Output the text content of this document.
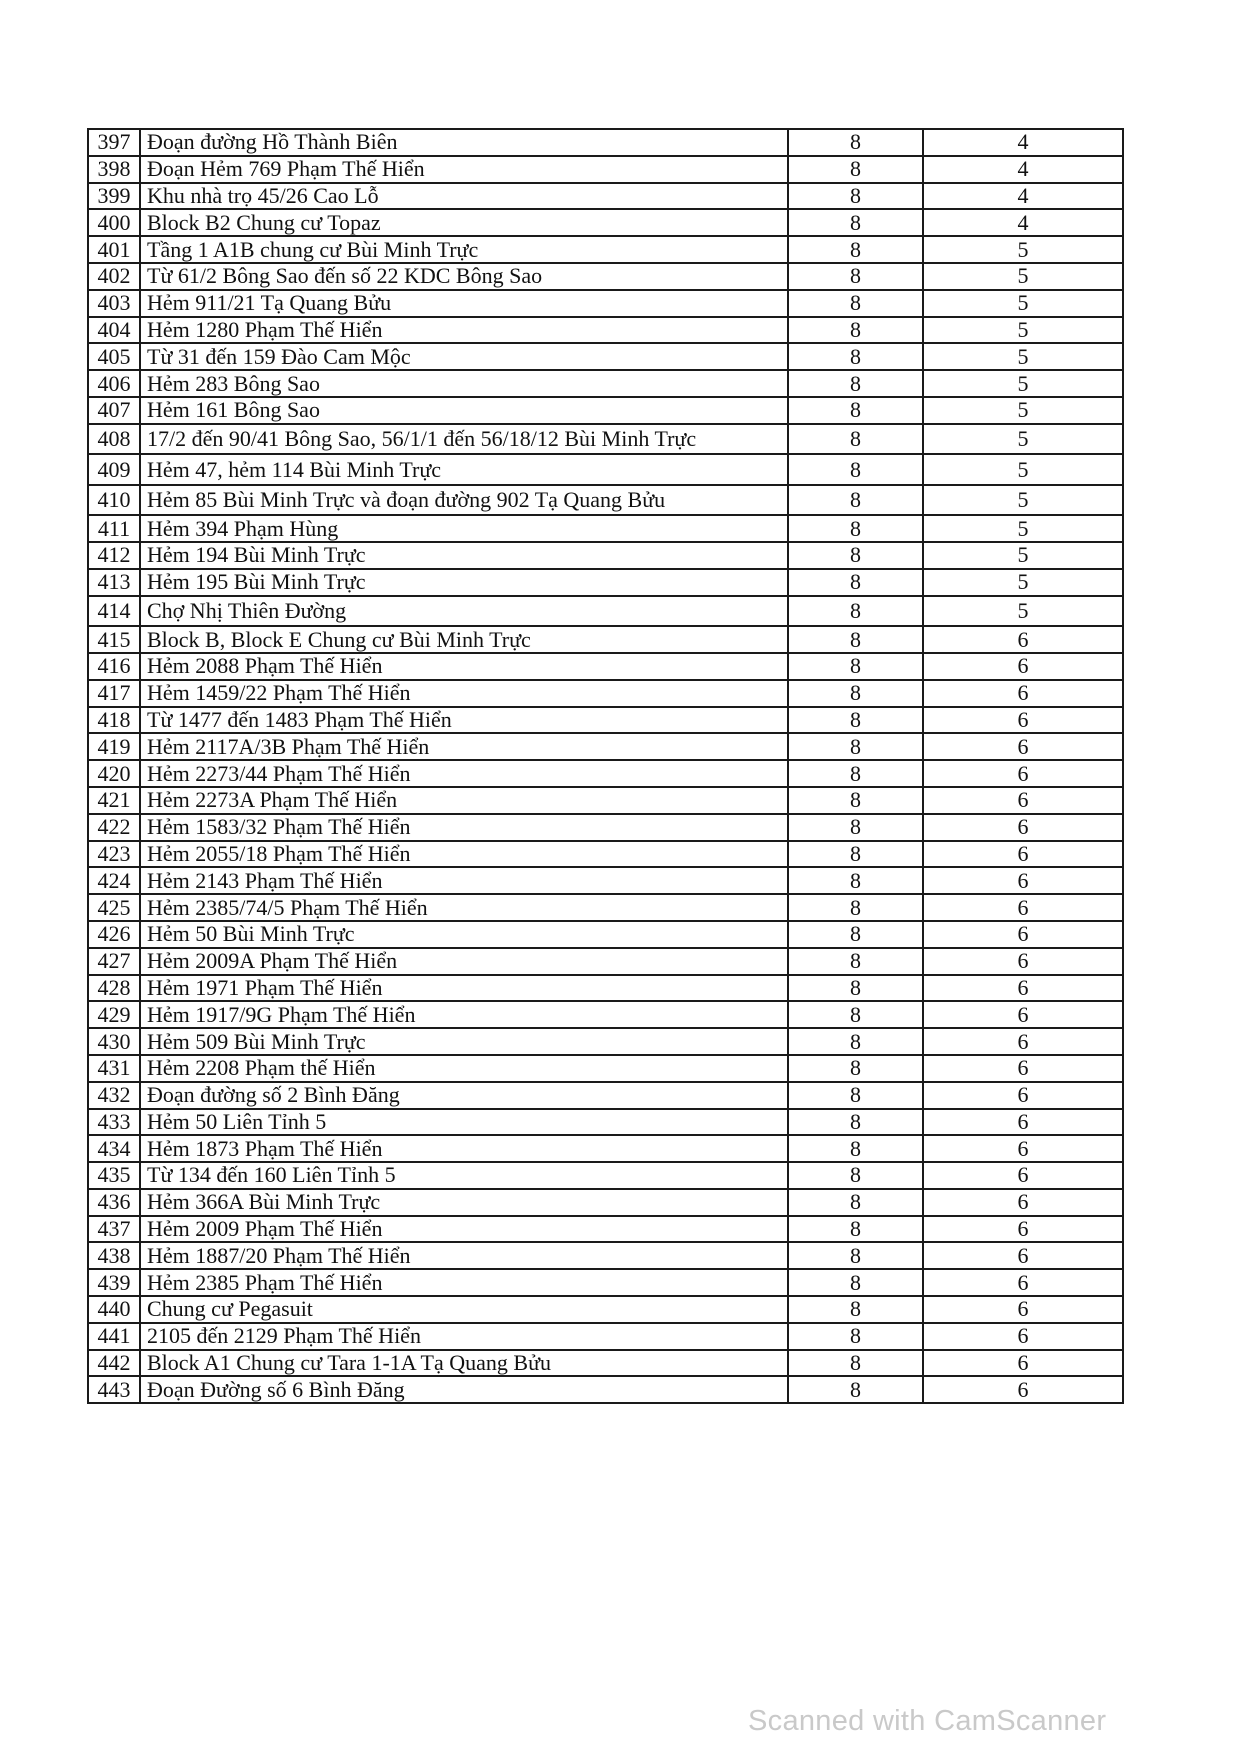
397	Đoạn đường Hồ Thành Biên	8	4
398	Đoạn Hẻm 769 Phạm Thế Hiển	8	4
399	Khu nhà trọ 45/26 Cao Lỗ	8	4
400	Block B2 Chung cư Topaz	8	4
401	Tầng 1 A1B chung cư Bùi Minh Trực	8	5
402	Từ 61/2 Bông Sao đến số 22 KDC Bông Sao	8	5
403	Hẻm 911/21 Tạ Quang Bửu	8	5
404	Hẻm 1280 Phạm Thế Hiển	8	5
405	Từ 31 đến 159 Đào Cam Mộc	8	5
406	Hẻm 283 Bông Sao	8	5
407	Hẻm 161 Bông Sao	8	5
408	17/2 đến 90/41 Bông Sao, 56/1/1 đến 56/18/12 Bùi Minh Trực	8	5
409	Hẻm 47, hẻm 114 Bùi Minh Trực	8	5
410	Hẻm 85 Bùi Minh Trực và đoạn đường 902 Tạ Quang Bửu	8	5
411	Hẻm 394 Phạm Hùng	8	5
412	Hẻm 194 Bùi Minh Trực	8	5
413	Hẻm 195 Bùi Minh Trực	8	5
414	Chợ Nhị Thiên Đường	8	5
415	Block B, Block E Chung cư Bùi Minh Trực	8	6
416	Hẻm 2088 Phạm Thế Hiển	8	6
417	Hẻm 1459/22 Phạm Thế Hiển	8	6
418	Từ 1477 đến 1483 Phạm Thế Hiển	8	6
419	Hẻm 2117A/3B Phạm Thế Hiển	8	6
420	Hẻm 2273/44 Phạm Thế Hiển	8	6
421	Hẻm 2273A Phạm Thế Hiển	8	6
422	Hẻm 1583/32 Phạm Thế Hiển	8	6
423	Hẻm 2055/18 Phạm Thế Hiển	8	6
424	Hẻm 2143 Phạm Thế Hiển	8	6
425	Hẻm 2385/74/5 Phạm Thế Hiển	8	6
426	Hẻm 50 Bùi Minh Trực	8	6
427	Hẻm 2009A Phạm Thế Hiển	8	6
428	Hẻm 1971 Phạm Thế Hiển	8	6
429	Hẻm 1917/9G Phạm Thế Hiển	8	6
430	Hẻm 509 Bùi Minh Trực	8	6
431	Hẻm 2208 Phạm thế Hiển	8	6
432	Đoạn đường số 2 Bình Đăng	8	6
433	Hẻm 50 Liên Tỉnh 5	8	6
434	Hẻm 1873 Phạm Thế Hiển	8	6
435	Từ 134 đến 160 Liên Tỉnh 5	8	6
436	Hẻm 366A Bùi Minh Trực	8	6
437	Hẻm 2009 Phạm Thế Hiển	8	6
438	Hẻm 1887/20 Phạm Thế Hiển	8	6
439	Hẻm 2385 Phạm Thế Hiển	8	6
440	Chung cư Pegasuit	8	6
441	2105 đến 2129 Phạm Thế Hiển	8	6
442	Block A1 Chung cư Tara 1-1A Tạ Quang Bửu	8	6
443	Đoạn Đường số 6 Bình Đăng	8	6
Scanned with CamScanner
